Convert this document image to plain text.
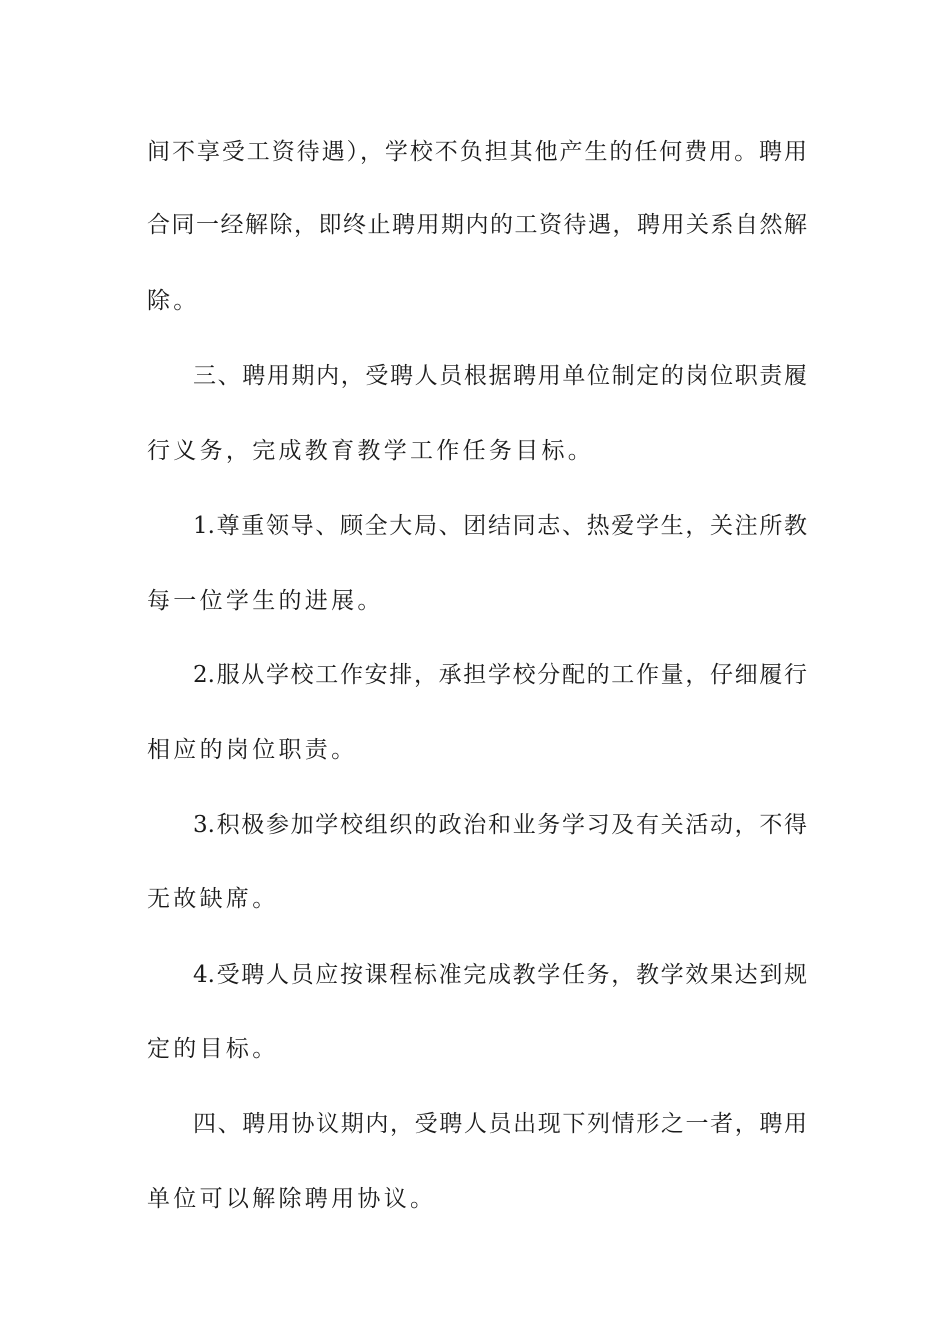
间不享受工资待遇），学校不负担其他产生的任何费用。聘用
合同一经解除，即终止聘用期内的工资待遇，聘用关系自然解
除。
三、聘用期内，受聘人员根据聘用单位制定的岗位职责履
行义务，完成教育教学工作任务目标。
1.尊重领导、顾全大局、团结同志、热爱学生，关注所教
每一位学生的进展。
2.服从学校工作安排，承担学校分配的工作量，仔细履行
相应的岗位职责。
3.积极参加学校组织的政治和业务学习及有关活动，不得
无故缺席。
4.受聘人员应按课程标准完成教学任务，教学效果达到规
定的目标。
四、聘用协议期内，受聘人员出现下列情形之一者，聘用
单位可以解除聘用协议。
